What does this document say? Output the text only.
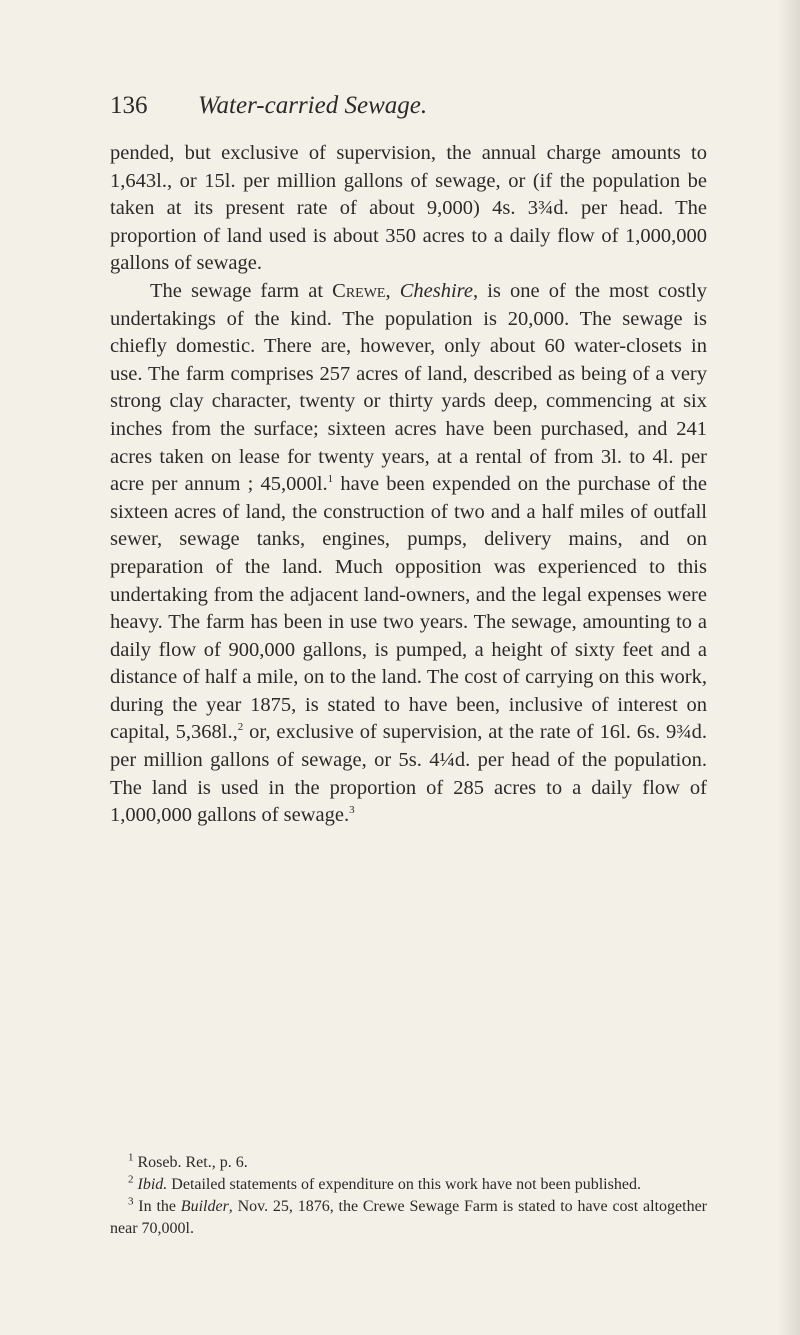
136 Water-carried Sewage.

pended, but exclusive of supervision, the annual charge amounts to 1,643l., or 15l. per million gallons of sewage, or (if the population be taken at its present rate of about 9,000) 4s. 3¾d. per head. The proportion of land used is about 350 acres to a daily flow of 1,000,000 gallons of sewage.

The sewage farm at Crewe, Cheshire, is one of the most costly undertakings of the kind. The population is 20,000. The sewage is chiefly domestic. There are, however, only about 60 water-closets in use. The farm comprises 257 acres of land, described as being of a very strong clay character, twenty or thirty yards deep, commencing at six inches from the surface; sixteen acres have been purchased, and 241 acres taken on lease for twenty years, at a rental of from 3l. to 4l. per acre per annum ; 45,000l.$^1$ have been expended on the purchase of the sixteen acres of land, the construction of two and a half miles of outfall sewer, sewage tanks, engines, pumps, delivery mains, and on preparation of the land. Much opposition was experienced to this undertaking from the adjacent land-owners, and the legal expenses were heavy. The farm has been in use two years. The sewage, amounting to a daily flow of 900,000 gallons, is pumped, a height of sixty feet and a distance of half a mile, on to the land. The cost of carrying on this work, during the year 1875, is stated to have been, inclusive of interest on capital, 5,368l.,$^2$ or, exclusive of supervision, at the rate of 16l. 6s. 9¾d. per million gallons of sewage, or 5s. 4¼d. per head of the population. The land is used in the proportion of 285 acres to a daily flow of 1,000,000 gallons of sewage.$^3$

$^1$ Roseb. Ret., p. 6.

$^2$ Ibid. Detailed statements of expenditure on this work have not been published.

$^3$ In the Builder, Nov. 25, 1876, the Crewe Sewage Farm is stated to have cost altogether near 70,000l.
